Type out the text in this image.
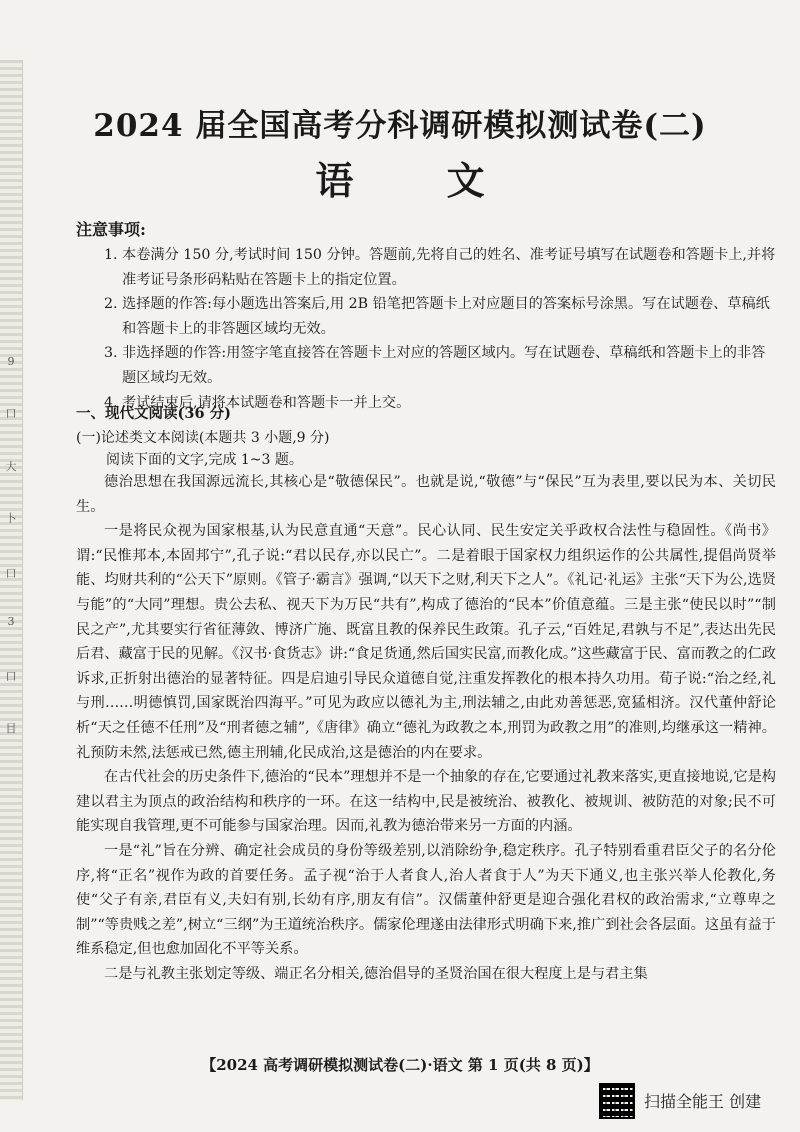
9
口
大
卜
口
3
口
目
2024 届全国高考分科调研模拟测试卷(二)
语 文
注意事项:

1. 本卷满分 150 分,考试时间 150 分钟。答题前,先将自己的姓名、准考证号填写在试题卷和答题卡上,并将准考证号条形码粘贴在答题卡上的指定位置。

2. 选择题的作答:每小题选出答案后,用 2B 铅笔把答题卡上对应题目的答案标号涂黑。写在试题卷、草稿纸和答题卡上的非答题区域均无效。

3. 非选择题的作答:用签字笔直接答在答题卡上对应的答题区域内。写在试题卷、草稿纸和答题卡上的非答题区域均无效。

4. 考试结束后,请将本试题卷和答题卡一并上交。

一、现代文阅读(36 分)
(一)论述类文本阅读(本题共 3 小题,9 分)
阅读下面的文字,完成 1~3 题。

德治思想在我国源远流长,其核心是“敬德保民”。也就是说,“敬德”与“保民”互为表里,要以民为本、关切民生。

一是将民众视为国家根基,认为民意直通“天意”。民心认同、民生安定关乎政权合法性与稳固性。《尚书》谓:“民惟邦本,本固邦宁”,孔子说:“君以民存,亦以民亡”。二是着眼于国家权力组织运作的公共属性,提倡尚贤举能、均财共利的“公天下”原则。《管子·霸言》强调,“以天下之财,利天下之人”。《礼记·礼运》主张“天下为公,选贤与能”的“大同”理想。贵公去私、视天下为万民“共有”,构成了德治的“民本”价值意蕴。三是主张“使民以时”“制民之产”,尤其要实行省征薄敛、博济广施、既富且教的保养民生政策。孔子云,“百姓足,君孰与不足”,表达出先民后君、藏富于民的见解。《汉书·食货志》讲:“食足货通,然后国实民富,而教化成。”这些藏富于民、富而教之的仁政诉求,正折射出德治的显著特征。四是启迪引导民众道德自觉,注重发挥教化的根本持久功用。荀子说:“治之经,礼与刑……明德慎罚,国家既治四海平。”可见为政应以德礼为主,刑法辅之,由此劝善惩恶,宽猛相济。汉代董仲舒论析“天之任德不任刑”及“刑者德之辅”,《唐律》确立“德礼为政教之本,刑罚为政教之用”的准则,均继承这一精神。礼预防未然,法惩戒已然,德主刑辅,化民成治,这是德治的内在要求。

在古代社会的历史条件下,德治的“民本”理想并不是一个抽象的存在,它要通过礼教来落实,更直接地说,它是构建以君主为顶点的政治结构和秩序的一环。在这一结构中,民是被统治、被教化、被规训、被防范的对象;民不可能实现自我管理,更不可能参与国家治理。因而,礼教为德治带来另一方面的内涵。

一是“礼”旨在分辨、确定社会成员的身份等级差别,以消除纷争,稳定秩序。孔子特别看重君臣父子的名分伦序,将“正名”视作为政的首要任务。孟子视“治于人者食人,治人者食于人”为天下通义,也主张兴举人伦教化,务使“父子有亲,君臣有义,夫妇有别,长幼有序,朋友有信”。汉儒董仲舒更是迎合强化君权的政治需求,“立尊卑之制”“等贵贱之差”,树立“三纲”为王道统治秩序。儒家伦理遂由法律形式明确下来,推广到社会各层面。这虽有益于维系稳定,但也愈加固化不平等关系。

二是与礼教主张划定等级、端正名分相关,德治倡导的圣贤治国在很大程度上是与君主集

【2024 高考调研模拟测试卷(二)·语文 第 1 页(共 8 页)】
扫描全能王 创建
